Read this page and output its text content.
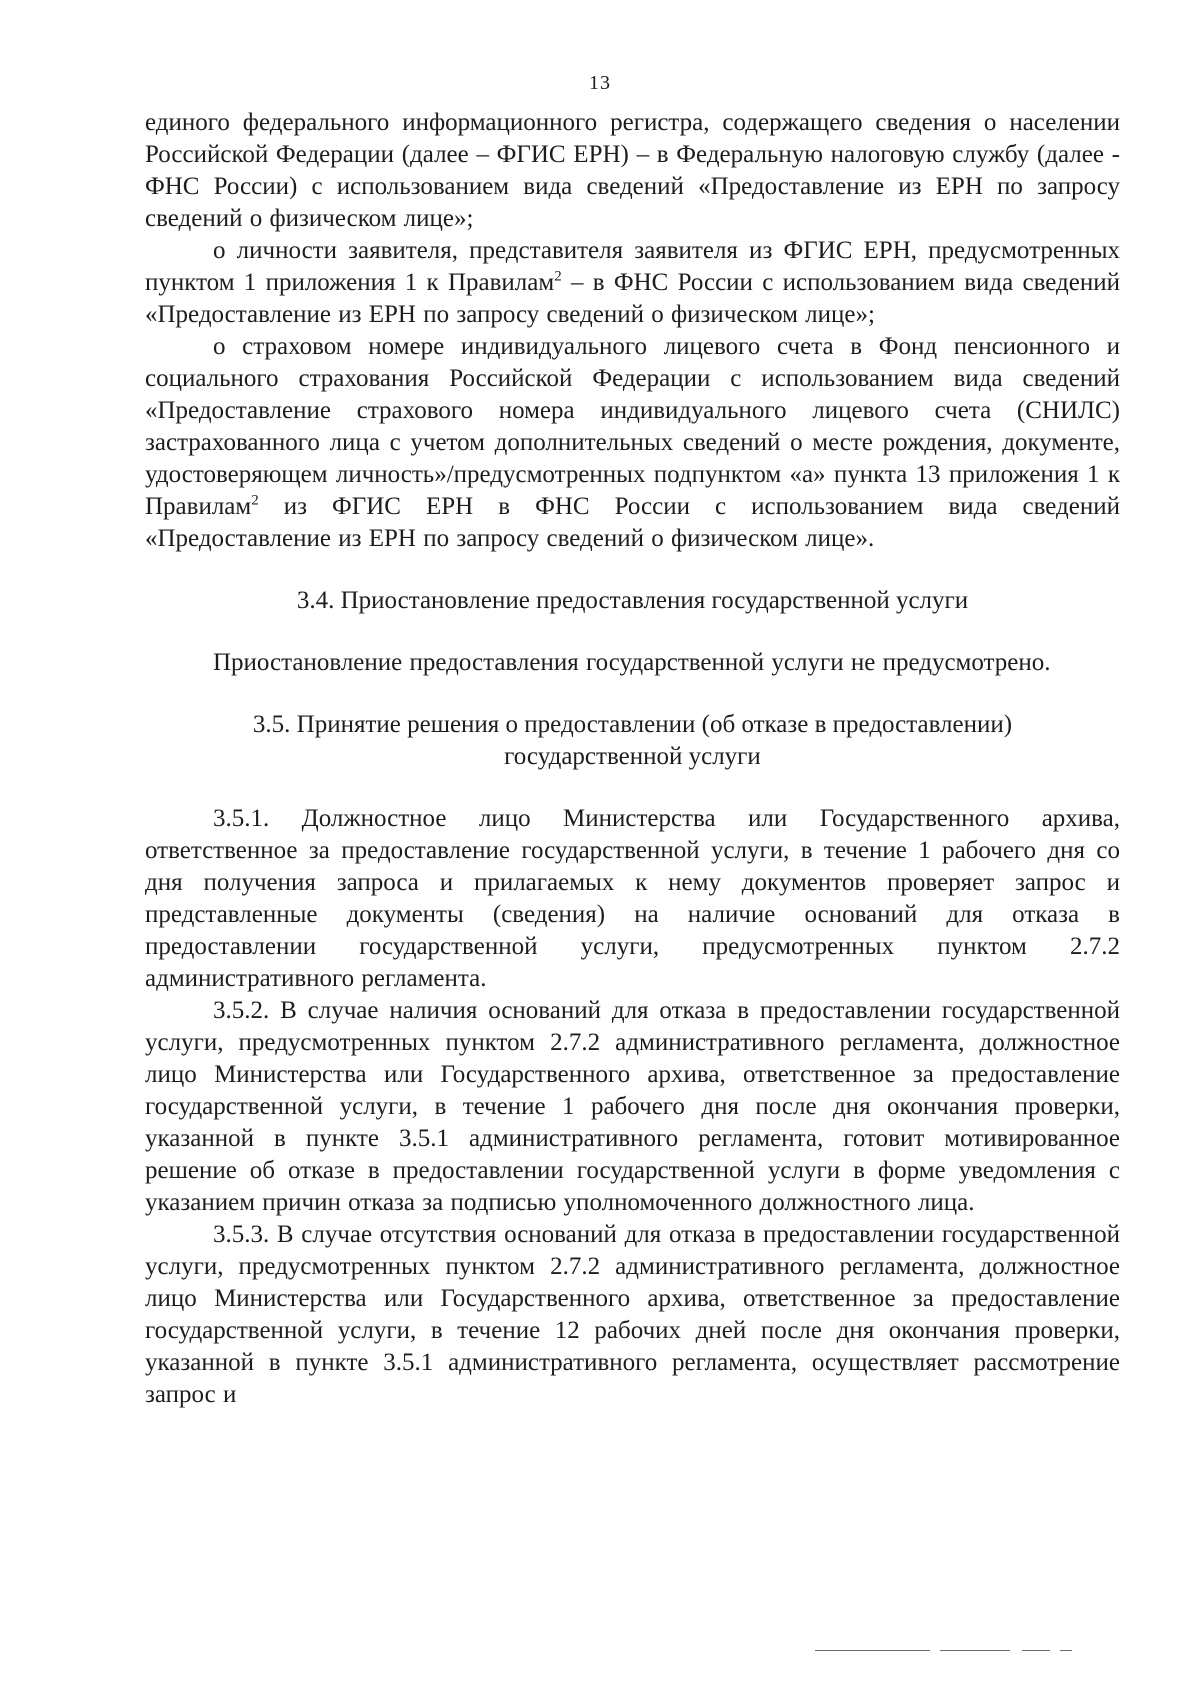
13

единого федерального информационного регистра, содержащего сведения о населении Российской Федерации (далее – ФГИС ЕРН) – в Федеральную налоговую службу (далее - ФНС России) с использованием вида сведений «Предоставление из ЕРН по запросу сведений о физическом лице»;

о личности заявителя, представителя заявителя из ФГИС ЕРН, предусмотренных пунктом 1 приложения 1 к Правилам$^2$ – в ФНС России с использованием вида сведений «Предоставление из ЕРН по запросу сведений о физическом лице»;

о страховом номере индивидуального лицевого счета в Фонд пенсионного и социального страхования Российской Федерации с использованием вида сведений «Предоставление страхового номера индивидуального лицевого счета (СНИЛС) застрахованного лица с учетом дополнительных сведений о месте рождения, документе, удостоверяющем личность»/предусмотренных подпунктом «а» пункта 13 приложения 1 к Правилам$^2$ из ФГИС ЕРН в ФНС России с использованием вида сведений «Предоставление из ЕРН по запросу сведений о физическом лице».

3.4. Приостановление предоставления государственной услуги

Приостановление предоставления государственной услуги не предусмотрено.

3.5. Принятие решения о предоставлении (об отказе в предоставлении)

государственной услуги

3.5.1. Должностное лицо Министерства или Государственного архива, ответственное за предоставление государственной услуги, в течение 1 рабочего дня со дня получения запроса и прилагаемых к нему документов проверяет запрос и представленные документы (сведения) на наличие оснований для отказа в предоставлении государственной услуги, предусмотренных пунктом 2.7.2 административного регламента.

3.5.2. В случае наличия оснований для отказа в предоставлении государственной услуги, предусмотренных пунктом 2.7.2 административного регламента, должностное лицо Министерства или Государственного архива, ответственное за предоставление государственной услуги, в течение 1 рабочего дня после дня окончания проверки, указанной в пункте 3.5.1 административного регламента, готовит мотивированное решение об отказе в предоставлении государственной услуги в форме уведомления с указанием причин отказа за подписью уполномоченного должностного лица.

3.5.3. В случае отсутствия оснований для отказа в предоставлении государственной услуги, предусмотренных пунктом 2.7.2 административного регламента, должностное лицо Министерства или Государственного архива, ответственное за предоставление государственной услуги, в течение 12 рабочих дней после дня окончания проверки, указанной в пункте 3.5.1 административного регламента, осуществляет рассмотрение запрос и
